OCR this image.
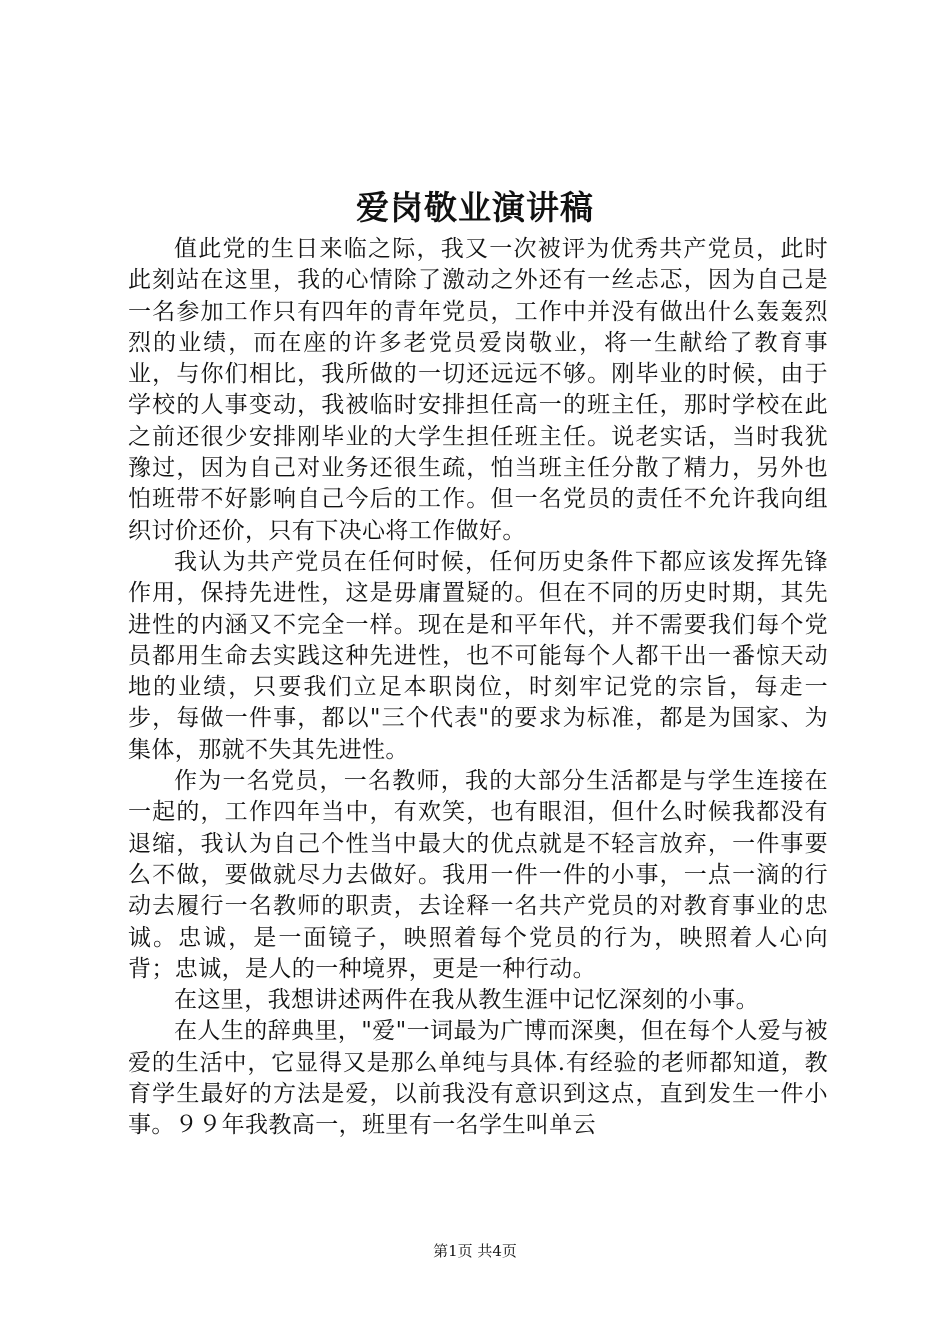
爱岗敬业演讲稿

值此党的生日来临之际，我又一次被评为优秀共产党员，此时此刻站在这里，我的心情除了激动之外还有一丝忐忑，因为自己是一名参加工作只有四年的青年党员，工作中并没有做出什么轰轰烈烈的业绩，而在座的许多老党员爱岗敬业，将一生献给了教育事业，与你们相比，我所做的一切还远远不够。刚毕业的时候，由于学校的人事变动，我被临时安排担任高一的班主任，那时学校在此之前还很少安排刚毕业的大学生担任班主任。说老实话，当时我犹豫过，因为自己对业务还很生疏，怕当班主任分散了精力，另外也怕班带不好影响自己今后的工作。但一名党员的责任不允许我向组织讨价还价，只有下决心将工作做好。

我认为共产党员在任何时候，任何历史条件下都应该发挥先锋作用，保持先进性，这是毋庸置疑的。但在不同的历史时期，其先进性的内涵又不完全一样。现在是和平年代，并不需要我们每个党员都用生命去实践这种先进性，也不可能每个人都干出一番惊天动地的业绩，只要我们立足本职岗位，时刻牢记党的宗旨，每走一步，每做一件事，都以"三个代表"的要求为标准，都是为国家、为集体，那就不失其先进性。

作为一名党员，一名教师，我的大部分生活都是与学生连接在一起的，工作四年当中，有欢笑，也有眼泪，但什么时候我都没有退缩，我认为自己个性当中最大的优点就是不轻言放弃，一件事要么不做，要做就尽力去做好。我用一件一件的小事，一点一滴的行动去履行一名教师的职责，去诠释一名共产党员的对教育事业的忠诚。忠诚，是一面镜子，映照着每个党员的行为，映照着人心向背；忠诚，是人的一种境界，更是一种行动。

在这里，我想讲述两件在我从教生涯中记忆深刻的小事。

在人生的辞典里，"爱"一词最为广博而深奥，但在每个人爱与被爱的生活中，它显得又是那么单纯与具体.有经验的老师都知道，教育学生最好的方法是爱，以前我没有意识到这点，直到发生一件小事。９９年我教高一，班里有一名学生叫单云

第1页 共4页
